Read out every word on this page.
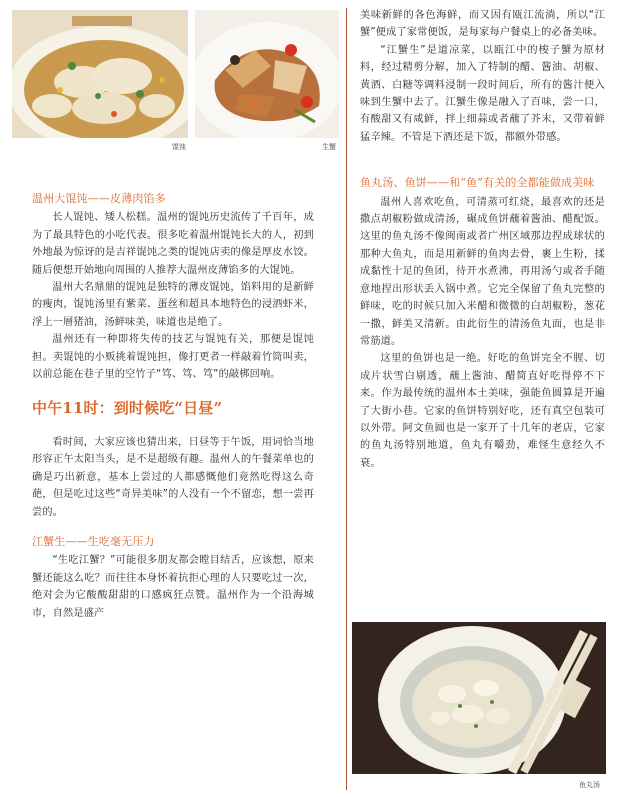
馄饨	生蟹
温州大馄饨——皮薄肉馅多

长人馄饨、矮人松糕。温州的馄饨历史流传了千百年，成为了最具特色的小吃代表。很多吃着温州馄饨长大的人，初到外地最为惊讶的是吉祥馄饨之类的馄饨店卖的像是厚皮水饺。随后便想开始地向周围的人推荐大温州皮薄馅多的大馄饨。

温州大名鼎鼎的馄饨是独特的薄皮馄饨，馅料用的是新鲜的瘦肉，馄饨汤里有紫菜、蛋丝和超具本地特色的浸酒虾米，浮上一層猪油，汤鲜味美，味道也是绝了。

温州还有一种即将失传的技艺与馄饨有关，那便是馄饨担。卖馄饨的小贩挑着馄饨担，像打更者一样敲着竹筒叫卖，以前总能在巷子里的空竹子“笃、笃、笃”的敲梆回响。

中午11时：到时候吃“日昼”

看时间，大家应该也猜出来，日昼等于午饭，用词恰当地形容正午太阳当头，是不是超级有趣。温州人的午餐菜单也的确是巧出新意，基本上尝过的人都感慨他们竟然吃得这么奇葩，但是吃过这些“奇异美味”的人没有一个不留恋，想一尝再尝的。

江蟹生——生吃毫无压力

“生吃江蟹？”可能很多朋友都会瞠目结舌，应该想，原来蟹还能这么吃？而往往本身怀着抗拒心理的人只要吃过一次，绝对会为它酸酸甜甜的口感疯狂点赞。温州作为一个沿海城市，自然是盛产

美味新鲜的各色海鲜，而又因有瓯江流淌，所以“江蟹”便成了家常便饭，是每家每户餐桌上的必备美味。

“江蟹生”是道凉菜，以瓯江中的梭子蟹为原材料，经过精剪分解，加入了特制的醋、酱油、胡椒、黄酒、白糖等调料浸制一段时间后，所有的酱汁便入味到生蟹中去了。江蟹生像是融入了百味，尝一口，有酸甜又有咸鲜，拌上细蒜或者蘸了芥末，又带着鲜猛辛辣。不管是下酒还是下饭，都额外带感。

鱼丸汤、鱼饼——和“鱼”有关的全都能做成美味

温州人喜欢吃鱼，可清蒸可红烧，最喜欢的还是撒点胡椒粉做成清汤，碾成鱼饼蘸着酱油、醋配饭。这里的鱼丸汤不像闽南或者广州区域那边捏成球状的那种大鱼丸，而是用新鲜的鱼肉去骨，裹上生粉，揉成黏性十足的鱼团，待开水煮沸，再用汤勺或者手随意地捏出形状丢入锅中煮。它完全保留了鱼丸完整的鲜味，吃的时候只加入米醋和微微的白胡椒粉，葱花一撒，鲜美又清新。由此衍生的清汤鱼丸面，也是非常筋道。

这里的鱼饼也是一绝。好吃的鱼饼完全不腥、切成片状雪白剔透，蘸上酱油、醋简直好吃得停不下来。作为最传统的温州本土美味，强能鱼圆算是开遍了大街小巷。它家的鱼饼特别好吃，还有真空包装可以外带。阿文鱼圆也是一家开了十几年的老店，它家的鱼丸汤特别地道，鱼丸有嚼劲，难怪生意经久不衰。

鱼丸汤
